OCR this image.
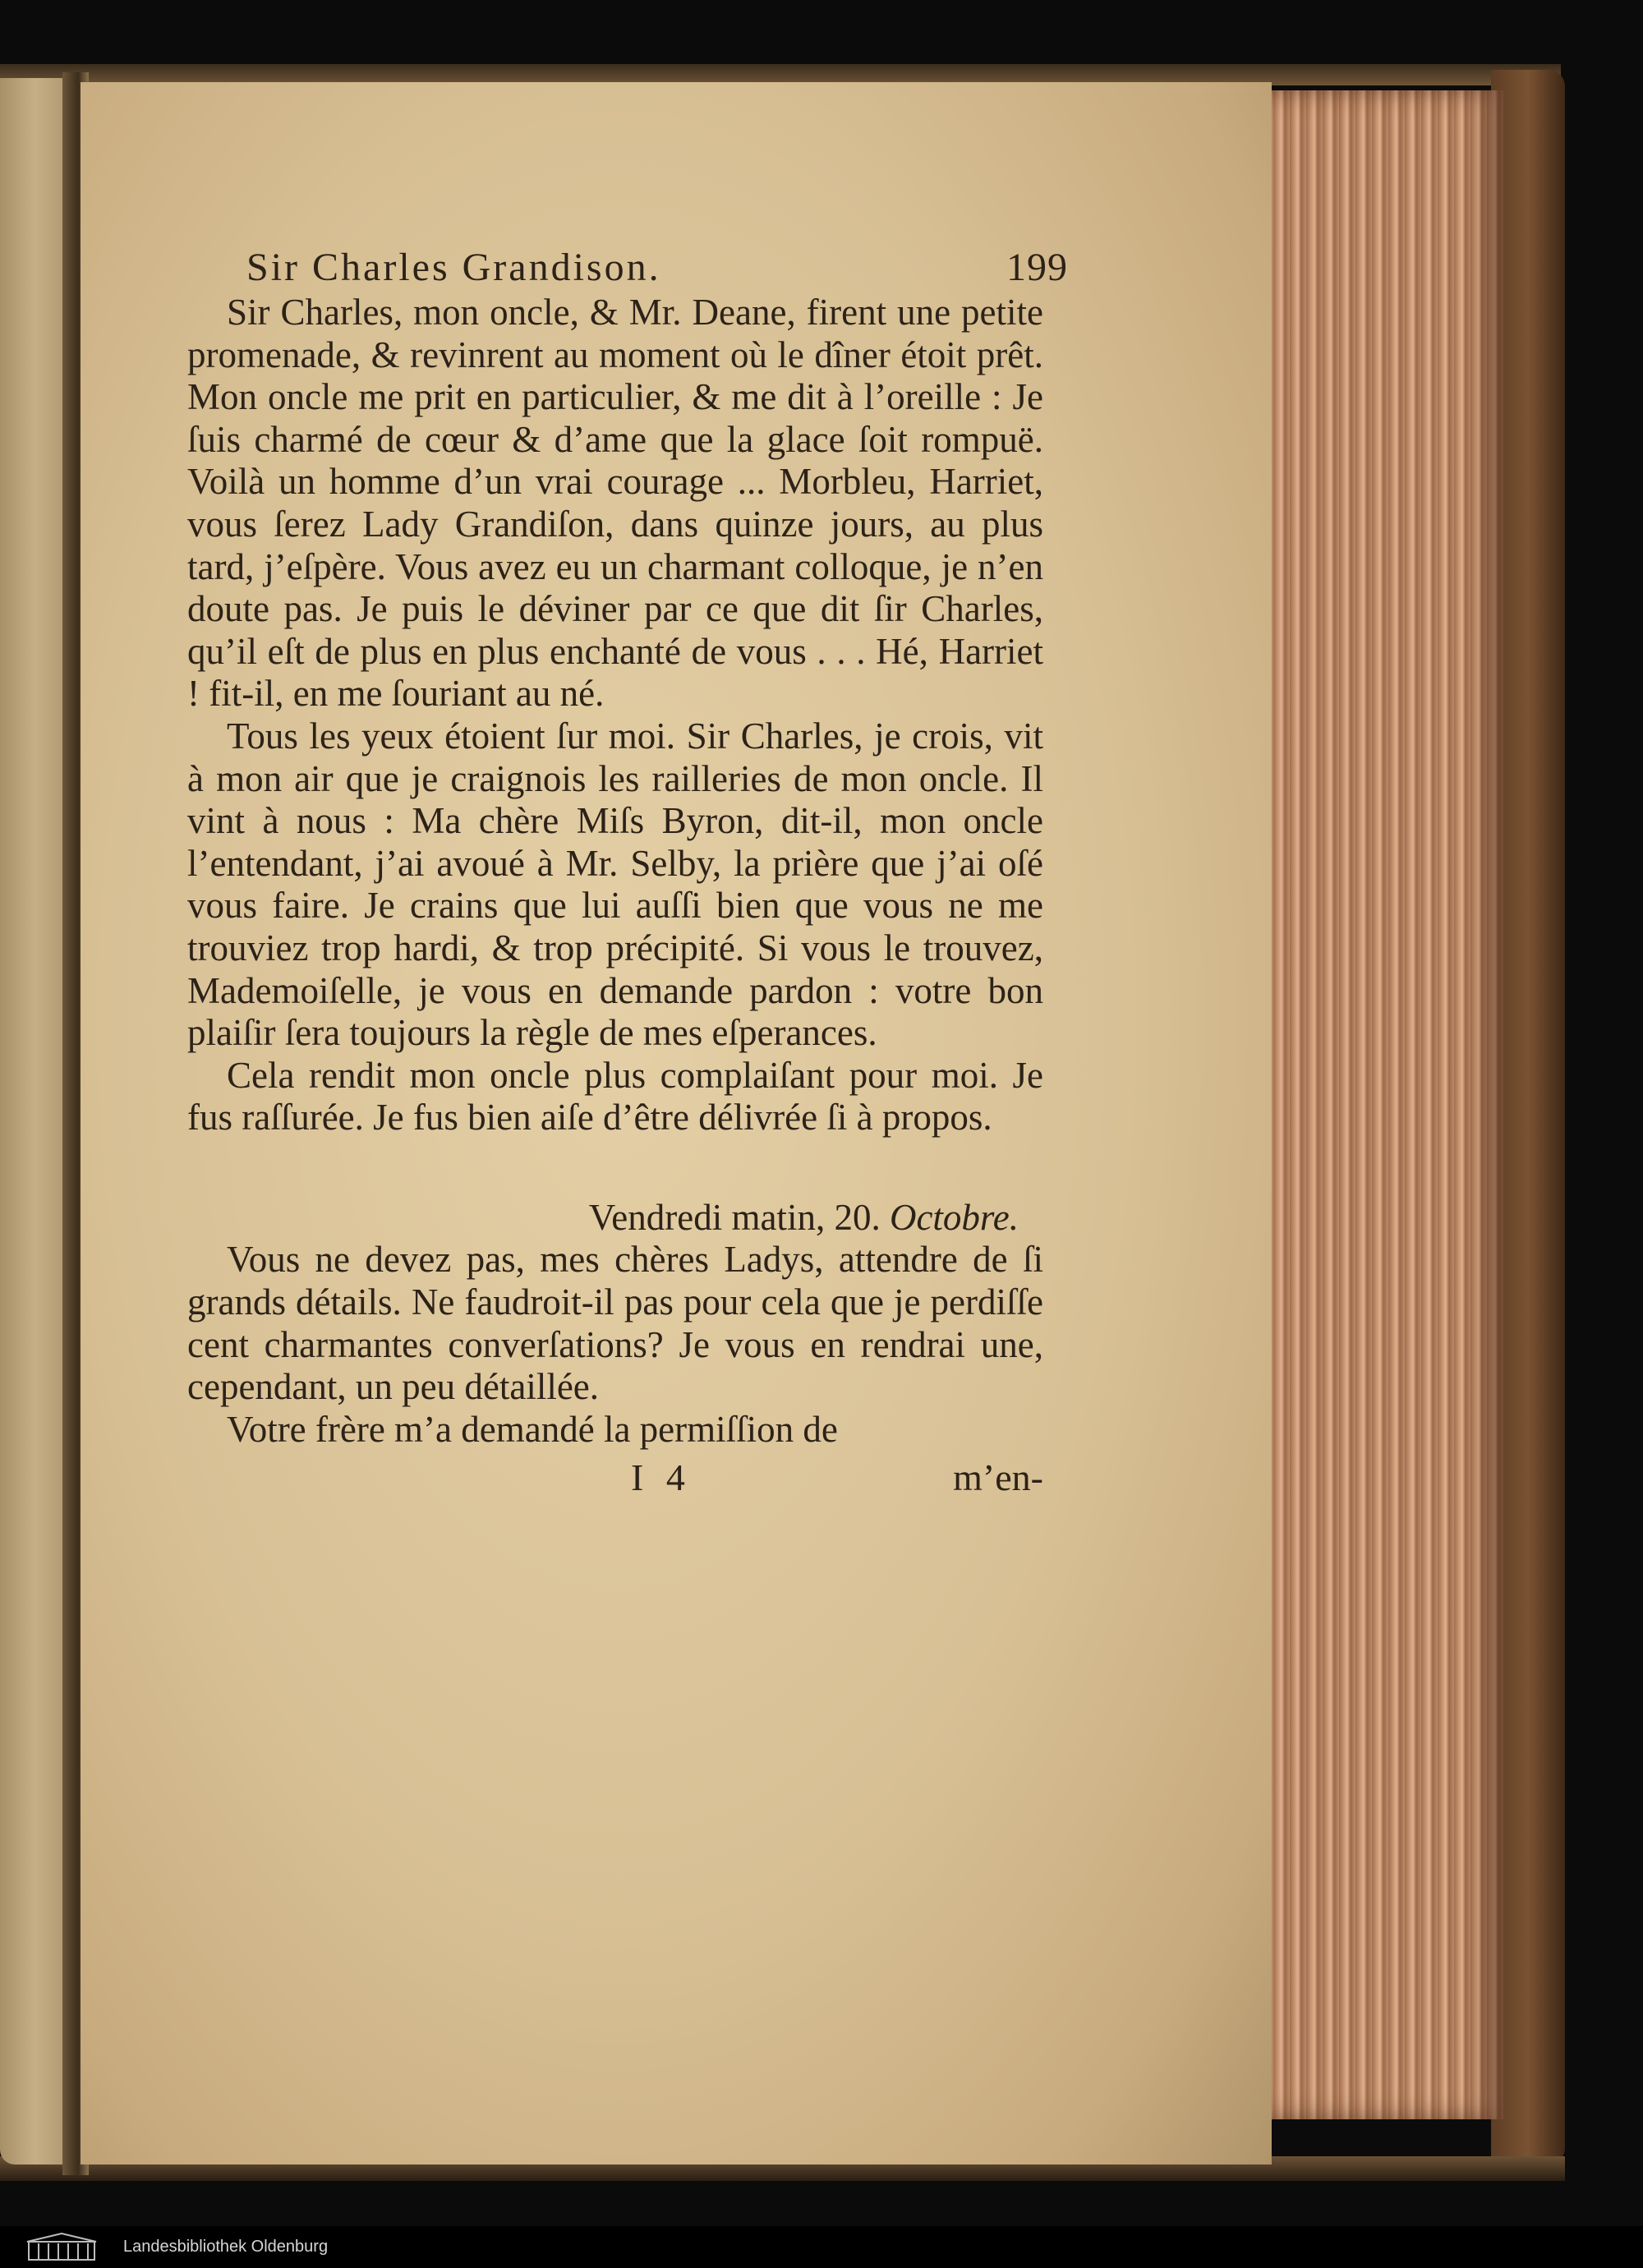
Sir Charles Grandison.	199

Sir Charles, mon oncle, & Mr. Deane, firent une petite promenade, & revinrent au moment où le dîner étoit prêt. Mon oncle me prit en particulier, & me dit à l’oreille : Je ſuis charmé de cœur & d’ame que la glace ſoit rompuë. Voilà un homme d’un vrai courage ... Morbleu, Harriet, vous ſerez Lady Grandiſon, dans quinze jours, au plus tard, j’eſpère. Vous avez eu un charmant colloque, je n’en doute pas. Je puis le déviner par ce que dit ſir Charles, qu’il eſt de plus en plus enchanté de vous . . . Hé, Harriet ! fit-il, en me ſouriant au né.

Tous les yeux étoient ſur moi. Sir Charles, je crois, vit à mon air que je craignois les railleries de mon oncle. Il vint à nous : Ma chère Miſs Byron, dit-il, mon oncle l’entendant, j’ai avoué à Mr. Selby, la prière que j’ai oſé vous faire. Je crains que lui auſſi bien que vous ne me trouviez trop hardi, & trop précipité. Si vous le trouvez, Mademoiſelle, je vous en demande pardon : votre bon plaiſir ſera toujours la règle de mes eſperances.

Cela rendit mon oncle plus complaiſant pour moi. Je fus raſſurée. Je fus bien aiſe d’être délivrée ſi à propos.

Vendredi matin, 20. Octobre.

Vous ne devez pas, mes chères Ladys, attendre de ſi grands détails. Ne faudroit-il pas pour cela que je perdiſſe cent charmantes converſations? Je vous en rendrai une, cependant, un peu détaillée.

Votre frère m’a demandé la permiſſion de

I 4	m’en-
Landesbibliothek Oldenburg
